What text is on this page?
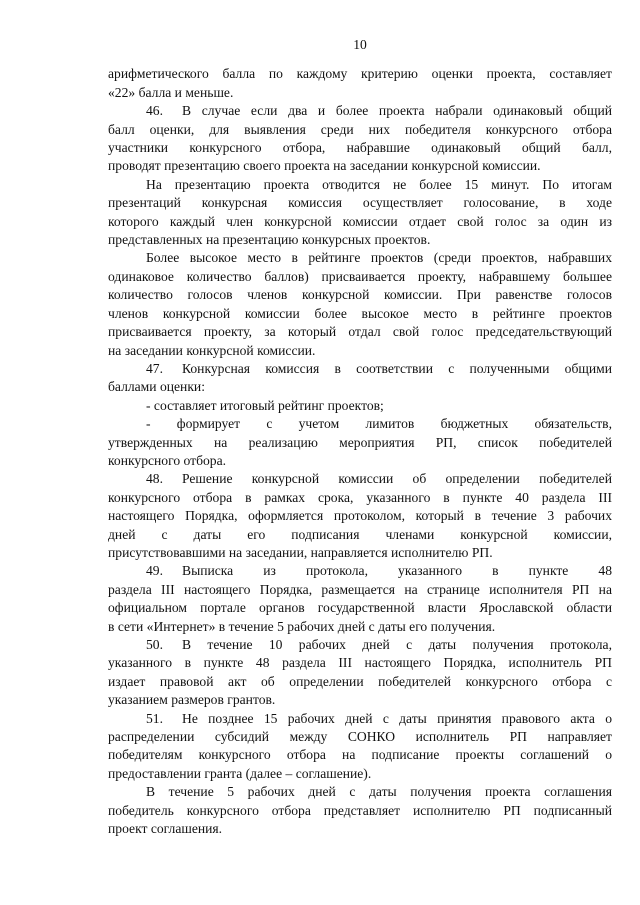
10
арифметического балла по каждому критерию оценки проекта, составляет
«22» балла и меньше.
46. В случае если два и более проекта набрали одинаковый общий
балл оценки, для выявления среди них победителя конкурсного отбора
участники конкурсного отбора, набравшие одинаковый общий балл,
проводят презентацию своего проекта на заседании конкурсной комиссии.
На презентацию проекта отводится не более 15 минут. По итогам
презентаций конкурсная комиссия осуществляет голосование, в ходе
которого каждый член конкурсной комиссии отдает свой голос за один из
представленных на презентацию конкурсных проектов.
Более высокое место в рейтинге проектов (среди проектов, набравших
одинаковое количество баллов) присваивается проекту, набравшему большее
количество голосов членов конкурсной комиссии. При равенстве голосов
членов конкурсной комиссии более высокое место в рейтинге проектов
присваивается проекту, за который отдал свой голос председательствующий
на заседании конкурсной комиссии.
47. Конкурсная комиссия в соответствии с полученными общими
баллами оценки:
- составляет итоговый рейтинг проектов;
- формирует с учетом лимитов бюджетных обязательств,
утвержденных на реализацию мероприятия РП, список победителей
конкурсного отбора.
48. Решение конкурсной комиссии об определении победителей
конкурсного отбора в рамках срока, указанного в пункте 40 раздела III
настоящего Порядка, оформляется протоколом, который в течение 3 рабочих
дней с даты его подписания членами конкурсной комиссии,
присутствовавшими на заседании, направляется исполнителю РП.
49. Выписка из протокола, указанного в пункте 48
раздела III настоящего Порядка, размещается на странице исполнителя РП на
официальном портале органов государственной власти Ярославской области
в сети «Интернет» в течение 5 рабочих дней с даты его получения.
50. В течение 10 рабочих дней с даты получения протокола,
указанного в пункте 48 раздела III настоящего Порядка, исполнитель РП
издает правовой акт об определении победителей конкурсного отбора с
указанием размеров грантов.
51. Не позднее 15 рабочих дней с даты принятия правового акта о
распределении субсидий между СОНКО исполнитель РП направляет
победителям конкурсного отбора на подписание проекты соглашений о
предоставлении гранта (далее – соглашение).
В течение 5 рабочих дней с даты получения проекта соглашения
победитель конкурсного отбора представляет исполнителю РП подписанный
проект соглашения.
